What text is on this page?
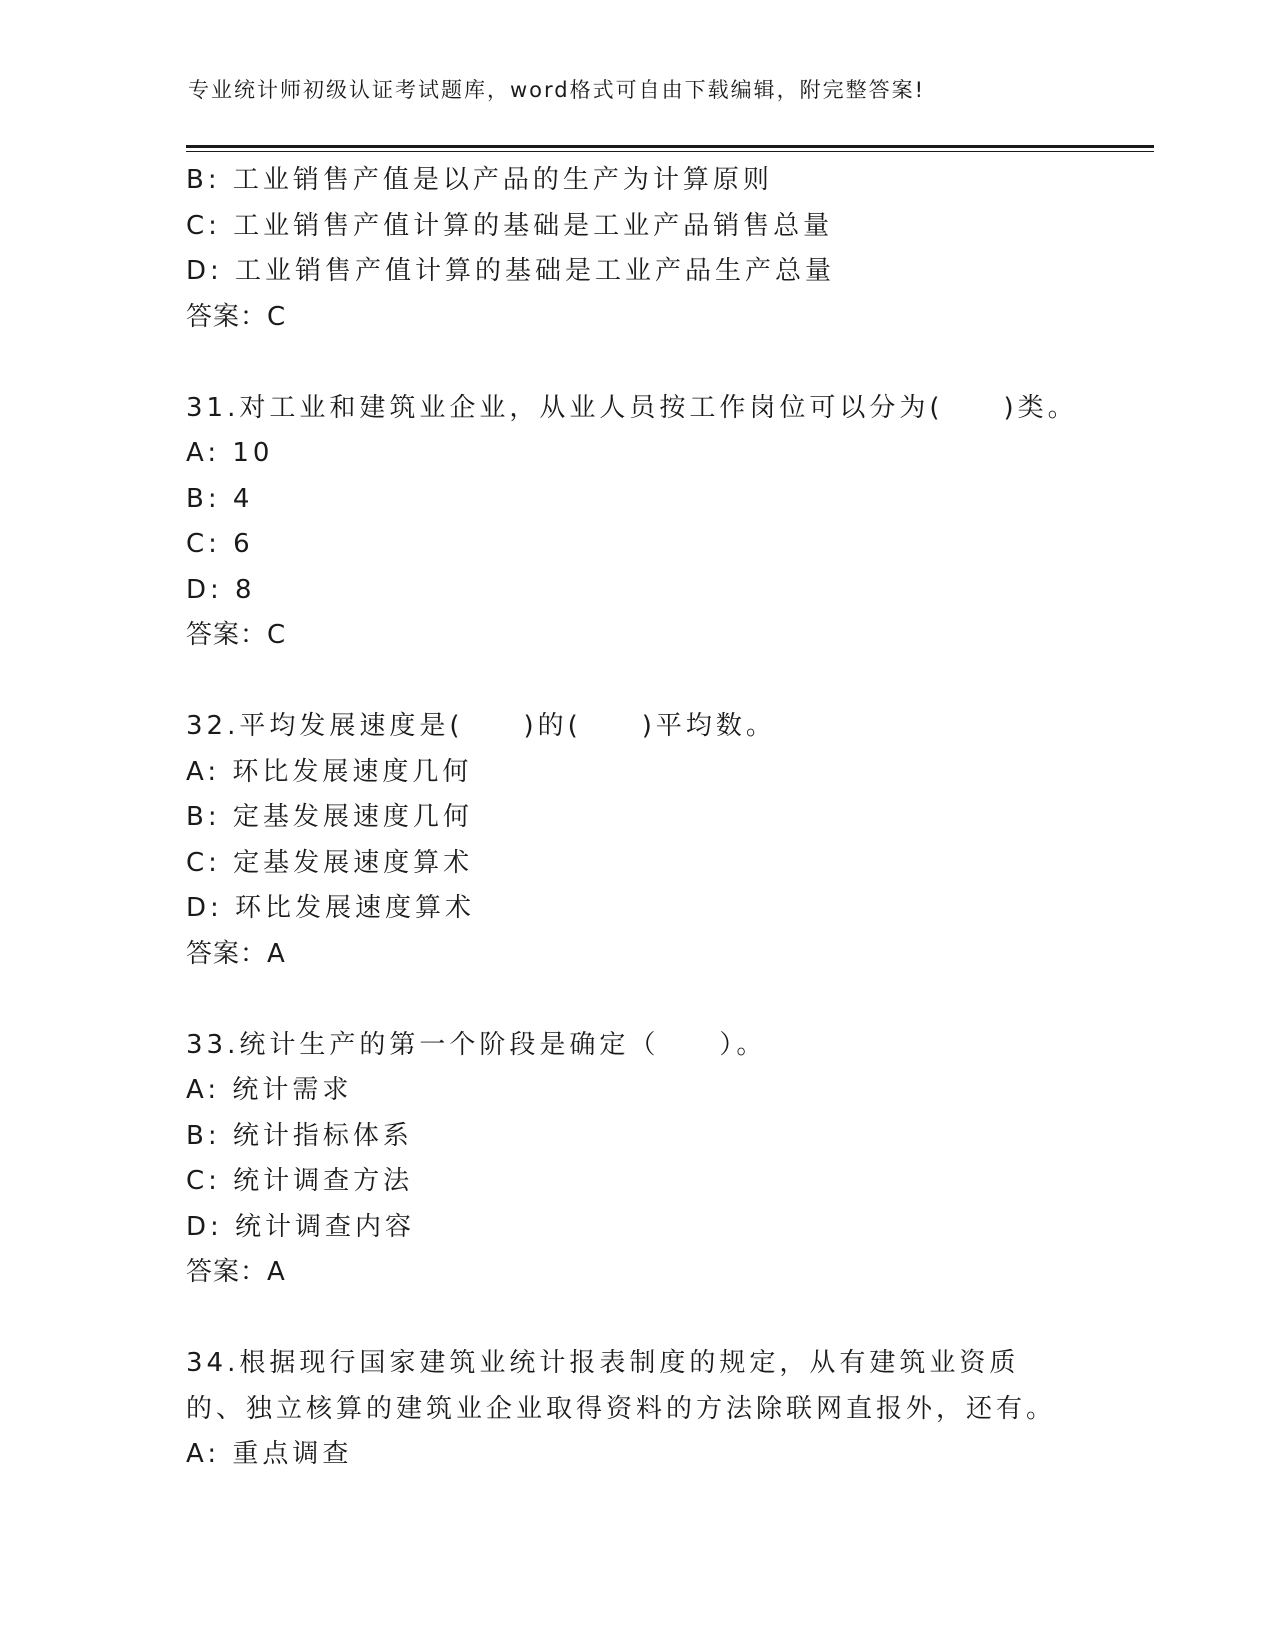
专业统计师初级认证考试题库，word格式可自由下载编辑，附完整答案!
B: 工业销售产值是以产品的生产为计算原则
C: 工业销售产值计算的基础是工业产品销售总量
D: 工业销售产值计算的基础是工业产品生产总量
答案：C
31.对工业和建筑业企业，从业人员按工作岗位可以分为(　　)类。
A: 10
B: 4
C: 6
D: 8
答案：C
32.平均发展速度是(　　)的(　　)平均数。
A: 环比发展速度几何
B: 定基发展速度几何
C: 定基发展速度算术
D: 环比发展速度算术
答案：A
33.统计生产的第一个阶段是确定（　　）。
A: 统计需求
B: 统计指标体系
C: 统计调查方法
D: 统计调查内容
答案：A
34.根据现行国家建筑业统计报表制度的规定，从有建筑业资质的、独立核算的建筑业企业取得资料的方法除联网直报外，还有。
A: 重点调查
